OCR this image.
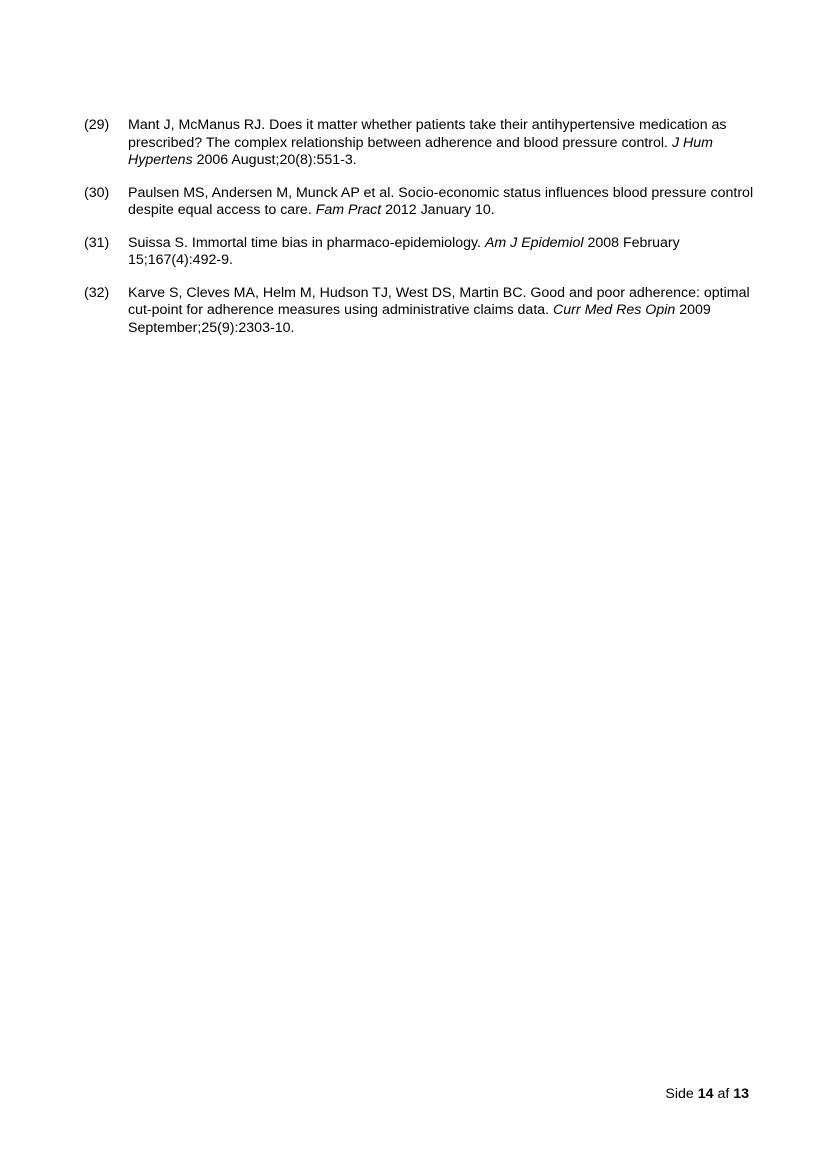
(29)	Mant J, McManus RJ. Does it matter whether patients take their antihypertensive medication as prescribed? The complex relationship between adherence and blood pressure control. J Hum Hypertens 2006 August;20(8):551-3.
(30)	Paulsen MS, Andersen M, Munck AP et al. Socio-economic status influences blood pressure control despite equal access to care. Fam Pract 2012 January 10.
(31)	Suissa S. Immortal time bias in pharmaco-epidemiology. Am J Epidemiol 2008 February 15;167(4):492-9.
(32)	Karve S, Cleves MA, Helm M, Hudson TJ, West DS, Martin BC. Good and poor adherence: optimal cut-point for adherence measures using administrative claims data. Curr Med Res Opin 2009 September;25(9):2303-10.
Side 14 af 13
